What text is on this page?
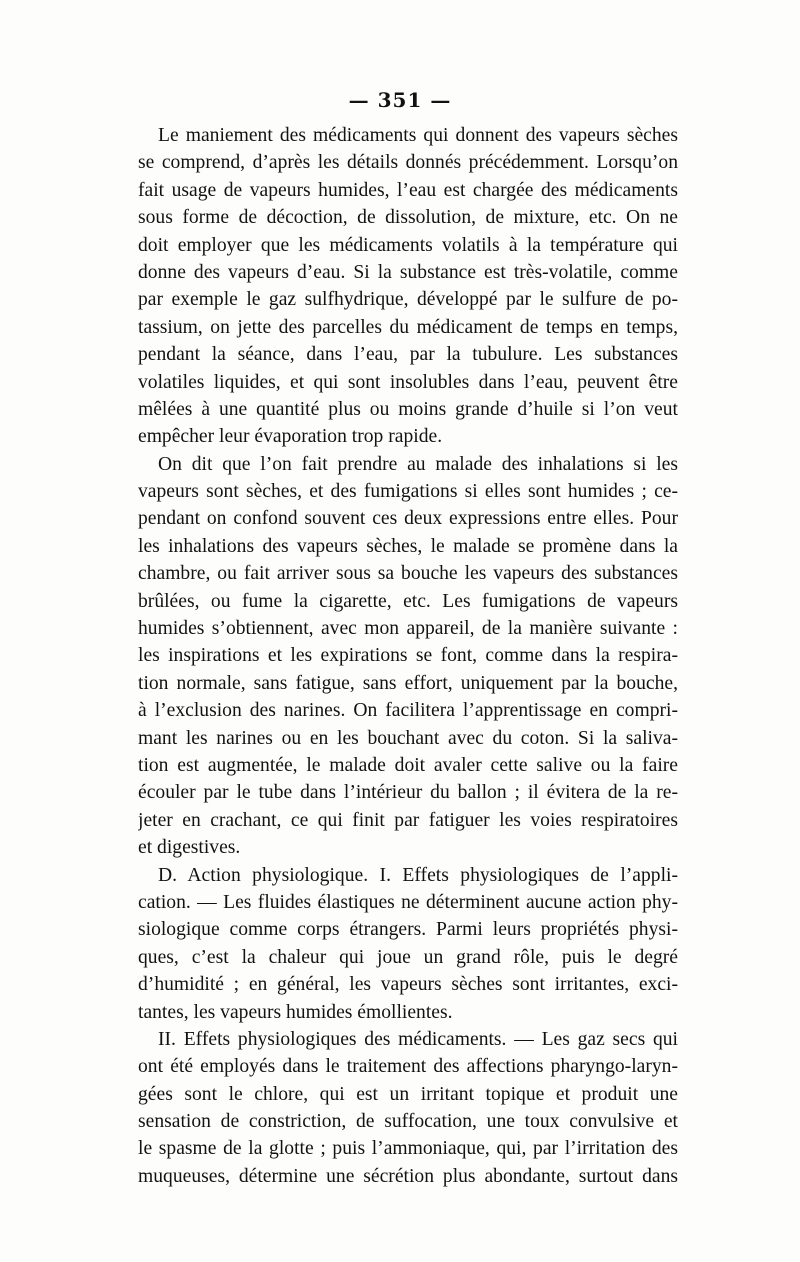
— 351 —
Le maniement des médicaments qui donnent des vapeurs sèches
se comprend, d’après les détails donnés précédemment. Lorsqu’on
fait usage de vapeurs humides, l’eau est chargée des médicaments
sous forme de décoction, de dissolution, de mixture, etc. On ne
doit employer que les médicaments volatils à la température qui
donne des vapeurs d’eau. Si la substance est très-volatile, comme
par exemple le gaz sulfhydrique, développé par le sulfure de po-
tassium, on jette des parcelles du médicament de temps en temps,
pendant la séance, dans l’eau, par la tubulure. Les substances
volatiles liquides, et qui sont insolubles dans l’eau, peuvent être
mêlées à une quantité plus ou moins grande d’huile si l’on veut
empêcher leur évaporation trop rapide.
On dit que l’on fait prendre au malade des inhalations si les
vapeurs sont sèches, et des fumigations si elles sont humides ; ce-
pendant on confond souvent ces deux expressions entre elles. Pour
les inhalations des vapeurs sèches, le malade se promène dans la
chambre, ou fait arriver sous sa bouche les vapeurs des substances
brûlées, ou fume la cigarette, etc. Les fumigations de vapeurs
humides s’obtiennent, avec mon appareil, de la manière suivante :
les inspirations et les expirations se font, comme dans la respira-
tion normale, sans fatigue, sans effort, uniquement par la bouche,
à l’exclusion des narines. On facilitera l’apprentissage en compri-
mant les narines ou en les bouchant avec du coton. Si la saliva-
tion est augmentée, le malade doit avaler cette salive ou la faire
écouler par le tube dans l’intérieur du ballon ; il évitera de la re-
jeter en crachant, ce qui finit par fatiguer les voies respiratoires
et digestives.
D. Action physiologique. I. Effets physiologiques de l’appli-
cation. — Les fluides élastiques ne déterminent aucune action phy-
siologique comme corps étrangers. Parmi leurs propriétés physi-
ques, c’est la chaleur qui joue un grand rôle, puis le degré
d’humidité ; en général, les vapeurs sèches sont irritantes, exci-
tantes, les vapeurs humides émollientes.
II. Effets physiologiques des médicaments. — Les gaz secs qui
ont été employés dans le traitement des affections pharyngo-laryn-
gées sont le chlore, qui est un irritant topique et produit une
sensation de constriction, de suffocation, une toux convulsive et
le spasme de la glotte ; puis l’ammoniaque, qui, par l’irritation des
muqueuses, détermine une sécrétion plus abondante, surtout dans
